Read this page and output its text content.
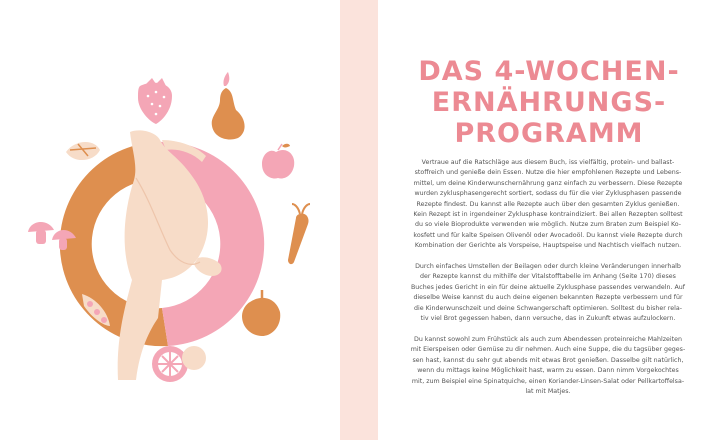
DAS 4-WOCHEN-
ERNÄHRUNGS-
PROGRAMM
Vertraue auf die Ratschläge aus diesem Buch, iss vielfältig, protein- und ballast-
stoffreich und genieße dein Essen. Nutze die hier empfohlenen Rezepte und Lebens-
mittel, um deine Kinderwunschernährung ganz einfach zu verbessern. Diese Rezepte
wurden zyklusphasengerecht sortiert, sodass du für die vier Zyklusphasen passende
Rezepte findest. Du kannst alle Rezepte auch über den gesamten Zyklus genießen.
Kein Rezept ist in irgendeiner Zyklusphase kontraindiziert. Bei allen Rezepten solltest
du so viele Bioprodukte verwenden wie möglich. Nutze zum Braten zum Beispiel Ko-
kosfett und für kalte Speisen Olivenöl oder Avocadoöl. Du kannst viele Rezepte durch
Kombination der Gerichte als Vorspeise, Hauptspeise und Nachtisch vielfach nutzen.
Durch einfaches Umstellen der Beilagen oder durch kleine Veränderungen innerhalb
der Rezepte kannst du mithilfe der Vitalstofftabelle im Anhang (Seite 170) dieses
Buches jedes Gericht in ein für deine aktuelle Zyklusphase passendes verwandeln. Auf
dieselbe Weise kannst du auch deine eigenen bekannten Rezepte verbessern und für
die Kinderwunschzeit und deine Schwangerschaft optimieren. Solltest du bisher rela-
tiv viel Brot gegessen haben, dann versuche, das in Zukunft etwas aufzulockern.
Du kannst sowohl zum Frühstück als auch zum Abendessen proteinreiche Mahlzeiten
mit Eierspeisen oder Gemüse zu dir nehmen. Auch eine Suppe, die du tagsüber geges-
sen hast, kannst du sehr gut abends mit etwas Brot genießen. Dasselbe gilt natürlich,
wenn du mittags keine Möglichkeit hast, warm zu essen. Dann nimm Vorgekochtes
mit, zum Beispiel eine Spinatquiche, einen Koriander-Linsen-Salat oder Pellkartoffelsa-
lat mit Matjes.
